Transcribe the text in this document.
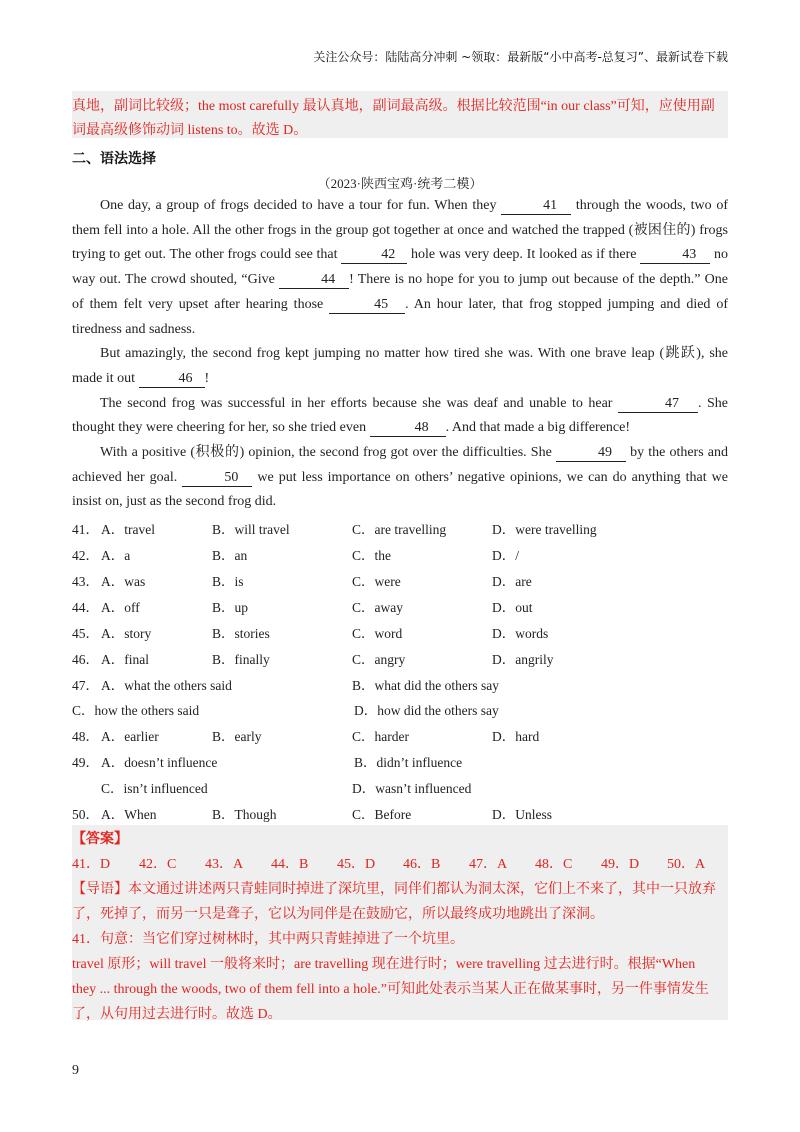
关注公众号：陆陆高分冲刺 ~领取：最新版“小中高考-总复习”、最新试卷下载
真地，副词比较级；the most carefully 最认真地，副词最高级。根据比较范围“in our class”可知，应使用副
词最高级修饰动词 listens to。故选 D。
二、语法选择
（2023·陕西宝鸡·统考二模）

One day, a group of frogs decided to have a tour for fun. When they	41 through the woods, two of them fell into a hole. All the other frogs in the group got together at once and watched the trapped (被困住的) frogs trying to get out. The other frogs could see that	42 hole was very deep. It looked as if there	43 no way out. The crowd shouted, “Give	44 ! There is no hope for you to jump out because of the depth.” One of them felt very upset after hearing those	45 . An hour later, that frog stopped jumping and died of tiredness and sadness.

But amazingly, the second frog kept jumping no matter how tired she was. With one brave leap (跳跃), she made it out	46 !

The second frog was successful in her efforts because she was deaf and unable to hear	47 . She thought they were cheering for her, so she tried even	48 . And that made a big difference!

With a positive (积极的) opinion, the second frog got over the difficulties. She	49 by the others and achieved her goal.	50 we put less importance on others’ negative opinions, we can do anything that we insist on, just as the second frog did.

41． A．travel	B．will travel	C．are travelling	D．were travelling
42． A．a	B．an	C．the	D．/
43． A．was	B．is	C．were	D．are
44． A．off	B．up	C．away	D．out
45． A．story	B．stories	C．word	D．words
46． A．final	B．finally	C．angry	D．angrily
47． A．what the others said	B．what did the others say
C．how the others said	D．how did the others say
48． A．earlier	B．early	C．harder	D．hard
49． A．doesn’t influence	B．didn’t influence
C．isn’t influenced	D．wasn’t influenced
50． A．When	B．Though	C．Before	D．Unless
【答案】
41．D 42．C 43．A 44．B 45．D 46．B 47．A 48．C 49．D 50．A
【导语】本文通过讲述两只青蛙同时掉进了深坑里，同伴们都认为洞太深，它们上不来了，其中一只放弃
了，死掉了，而另一只是聋子，它以为同伴是在鼓励它，所以最终成功地跳出了深洞。
41．句意：当它们穿过树林时，其中两只青蛙掉进了一个坑里。
travel 原形；will travel 一般将来时；are travelling 现在进行时；were travelling 过去进行时。根据“When
they ... through the woods, two of them fell into a hole.”可知此处表示当某人正在做某事时，另一件事情发生
了，从句用过去进行时。故选 D。
9
